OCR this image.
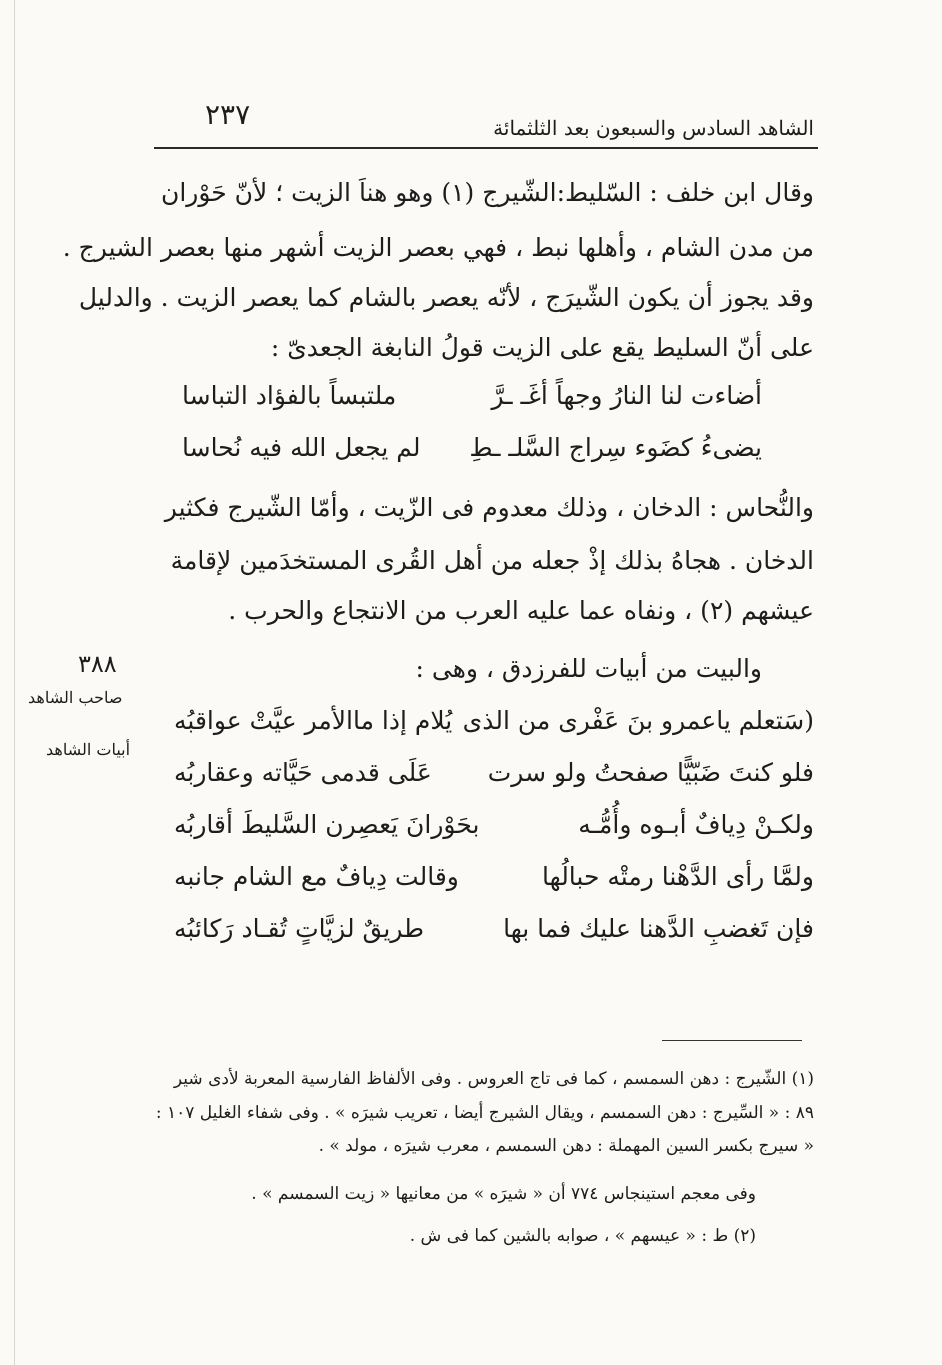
الشاهد السادس والسبعون بعد الثلثمائة
٢٣٧
وقال ابن خلف : السّليط:الشّيرج (١) وهو هناَ الزيت ؛ لأنّ حَوْران
من مدن الشام ، وأهلها نبط ، فهي بعصر الزيت أشهر منها بعصر الشيرج .
وقد يجوز أن يكون الشّيرَج ، لأنّه يعصر بالشام كما يعصر الزيت . والدليل
على أنّ السليط يقع على الزيت قولُ النابغة الجعدىّ :
أضاءت لنا النارُ وجهاً أغَـ ـرَّ
ملتبساً بالفؤاد التباسا
يضىءُ كضَوء سِراج السَّلـ ـطِ
لم يجعل الله فيه نُحاسا
والنُّحاس : الدخان ، وذلك معدوم فى الزّيت ، وأمّا الشّيرج فكثير
الدخان . هجاهُ بذلك إذْ جعله من أهل القُرى المستخدَمين لإقامة
عيشهم (٢) ، ونفاه عما عليه العرب من الانتجاع والحرب .
٣٨٨
صاحب الشاهد
أبيات الشاهد
والبيت من أبيات للفرزدق ، وهى :
(سَتعلم ياعمرو بنَ عَفْرى من الذى
يُلام إذا ماالأمر عيَّتْ عواقبُه
فلو كنتَ ضَبّيًّا صفحتُ ولو سرت
عَلَى قدمى حَيَّاته وعقاربُه
ولكـنْ دِيافٌ أبـوه وأُمُّـه
بحَوْرانَ يَعصِرن السَّليطَ أقاربُه
ولمَّا رأى الدَّهْنا رمتْه حبالُها
وقالت دِيافٌ مع الشام جانبه
فإن تَغضبِ الدَّهنا عليك فما بها
طريقٌ لزيَّاتٍ تُقـاد رَكائبُه
(١) الشّيرج : دهن السمسم ، كما فى تاج العروس . وفى الألفاظ الفارسية المعربة لأدى شير
٨٩ : « السِّيرج : دهن السمسم ، ويقال الشيرج أيضا ، تعريب شيرَه » . وفى شفاء الغليل ١٠٧ :
« سيرج بكسر السين المهملة : دهن السمسم ، معرب شيرَه ، مولد » .
وفى معجم استينجاس ٧٧٤ أن « شيرَه » من معانيها « زيت السمسم » .
(٢) ط : « عيسهم » ، صوابه بالشين كما فى ش .
